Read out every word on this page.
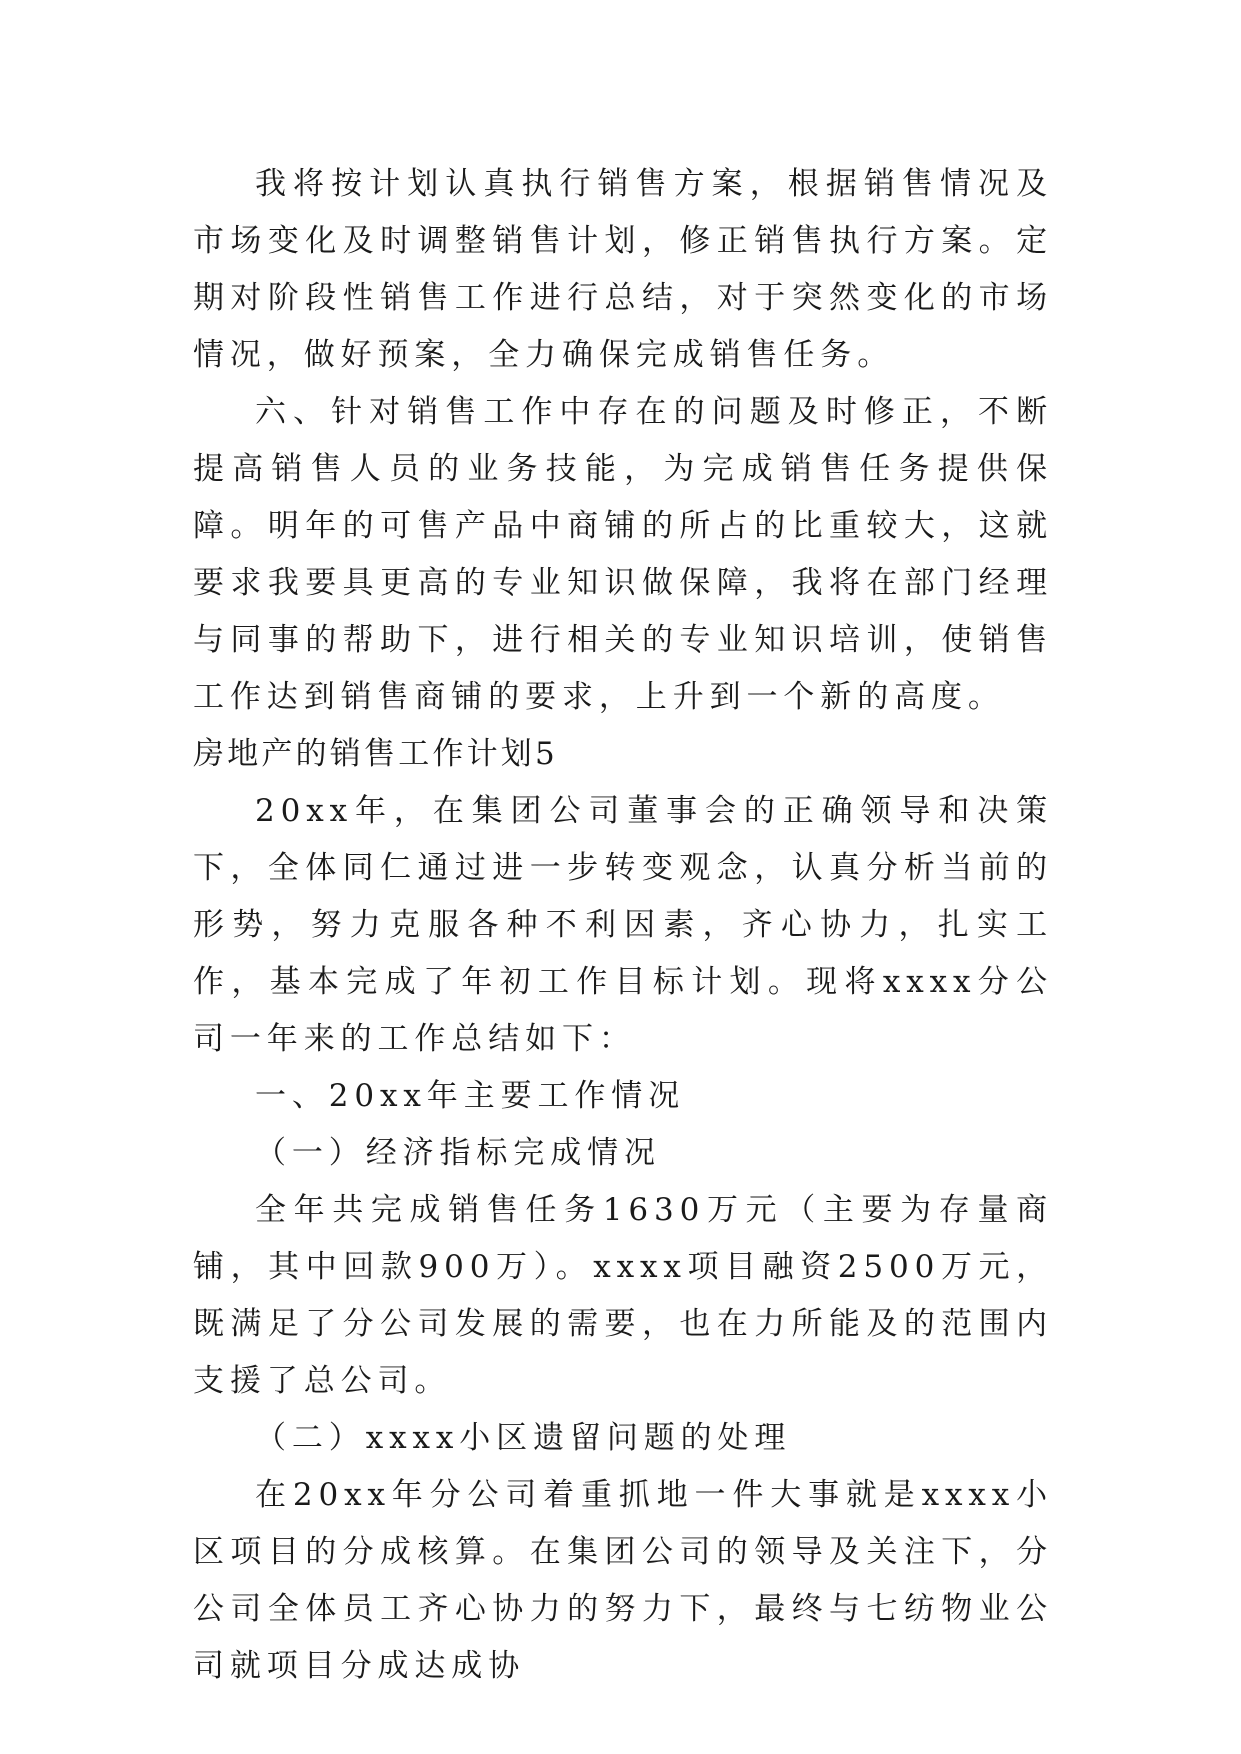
我将按计划认真执行销售方案，根据销售情况及市场变化及时调整销售计划，修正销售执行方案。定期对阶段性销售工作进行总结，对于突然变化的市场情况，做好预案，全力确保完成销售任务。

六、针对销售工作中存在的问题及时修正，不断提高销售人员的业务技能，为完成销售任务提供保障。明年的可售产品中商铺的所占的比重较大，这就要求我要具更高的专业知识做保障，我将在部门经理与同事的帮助下，进行相关的专业知识培训，使销售工作达到销售商铺的要求，上升到一个新的高度。

房地产的销售工作计划5

20xx年，在集团公司董事会的正确领导和决策下，全体同仁通过进一步转变观念，认真分析当前的形势，努力克服各种不利因素，齐心协力，扎实工作，基本完成了年初工作目标计划。现将xxxx分公司一年来的工作总结如下：

一、20xx年主要工作情况

（一）经济指标完成情况

全年共完成销售任务1630万元（主要为存量商铺，其中回款900万）。xxxx项目融资2500万元，既满足了分公司发展的需要，也在力所能及的范围内支援了总公司。

（二）xxxx小区遗留问题的处理

在20xx年分公司着重抓地一件大事就是xxxx小区项目的分成核算。在集团公司的领导及关注下，分公司全体员工齐心协力的努力下，最终与七纺物业公司就项目分成达成协
